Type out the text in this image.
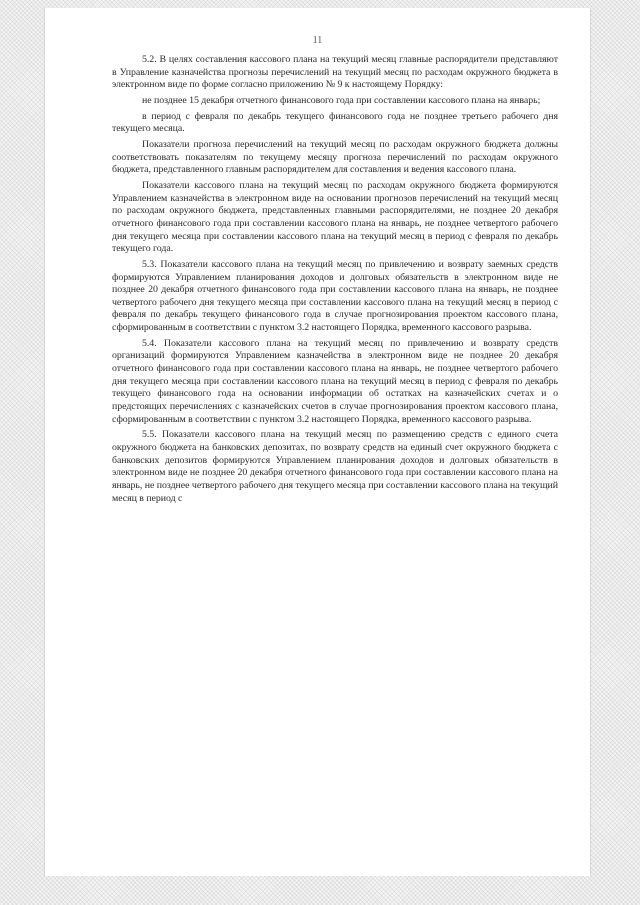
11

5.2. В целях составления кассового плана на текущий месяц главные распорядители представляют в Управление казначейства прогнозы перечислений на текущий месяц по расходам окружного бюджета в электронном виде по форме согласно приложению № 9 к настоящему Порядку:

не позднее 15 декабря отчетного финансового года при составлении кассового плана на январь;

в период с февраля по декабрь текущего финансового года не позднее третьего рабочего дня текущего месяца.

Показатели прогноза перечислений на текущий месяц по расходам окружного бюджета должны соответствовать показателям по текущему месяцу прогноза перечислений по расходам окружного бюджета, представленного главным распорядителем для составления и ведения кассового плана.

Показатели кассового плана на текущий месяц по расходам окружного бюджета формируются Управлением казначейства в электронном виде на основании прогнозов перечислений на текущий месяц по расходам окружного бюджета, представленных главными распорядителями, не позднее 20 декабря отчетного финансового года при составлении кассового плана на январь, не позднее четвертого рабочего дня текущего месяца при составлении кассового плана на текущий месяц в период с февраля по декабрь текущего года.

5.3. Показатели кассового плана на текущий месяц по привлечению и возврату заемных средств формируются Управлением планирования доходов и долговых обязательств в электронном виде не позднее 20 декабря отчетного финансового года при составлении кассового плана на январь, не позднее четвертого рабочего дня текущего месяца при составлении кассового плана на текущий месяц в период с февраля по декабрь текущего финансового года в случае прогнозирования проектом кассового плана, сформированным в соответствии с пунктом 3.2 настоящего Порядка, временного кассового разрыва.

5.4. Показатели кассового плана на текущий месяц по привлечению и возврату средств организаций формируются Управлением казначейства в электронном виде не позднее 20 декабря отчетного финансового года при составлении кассового плана на январь, не позднее четвертого рабочего дня текущего месяца при составлении кассового плана на текущий месяц в период с февраля по декабрь текущего финансового года на основании информации об остатках на казначейских счетах и о предстоящих перечислениях с казначейских счетов в случае прогнозирования проектом кассового плана, сформированным в соответствии с пунктом 3.2 настоящего Порядка, временного кассового разрыва.

5.5. Показатели кассового плана на текущий месяц по размещению средств с единого счета окружного бюджета на банковских депозитах, по возврату средств на единый счет окружного бюджета с банковских депозитов формируются Управлением планирования доходов и долговых обязательств в электронном виде не позднее 20 декабря отчетного финансового года при составлении кассового плана на январь, не позднее четвертого рабочего дня текущего месяца при составлении кассового плана на текущий месяц в период с
